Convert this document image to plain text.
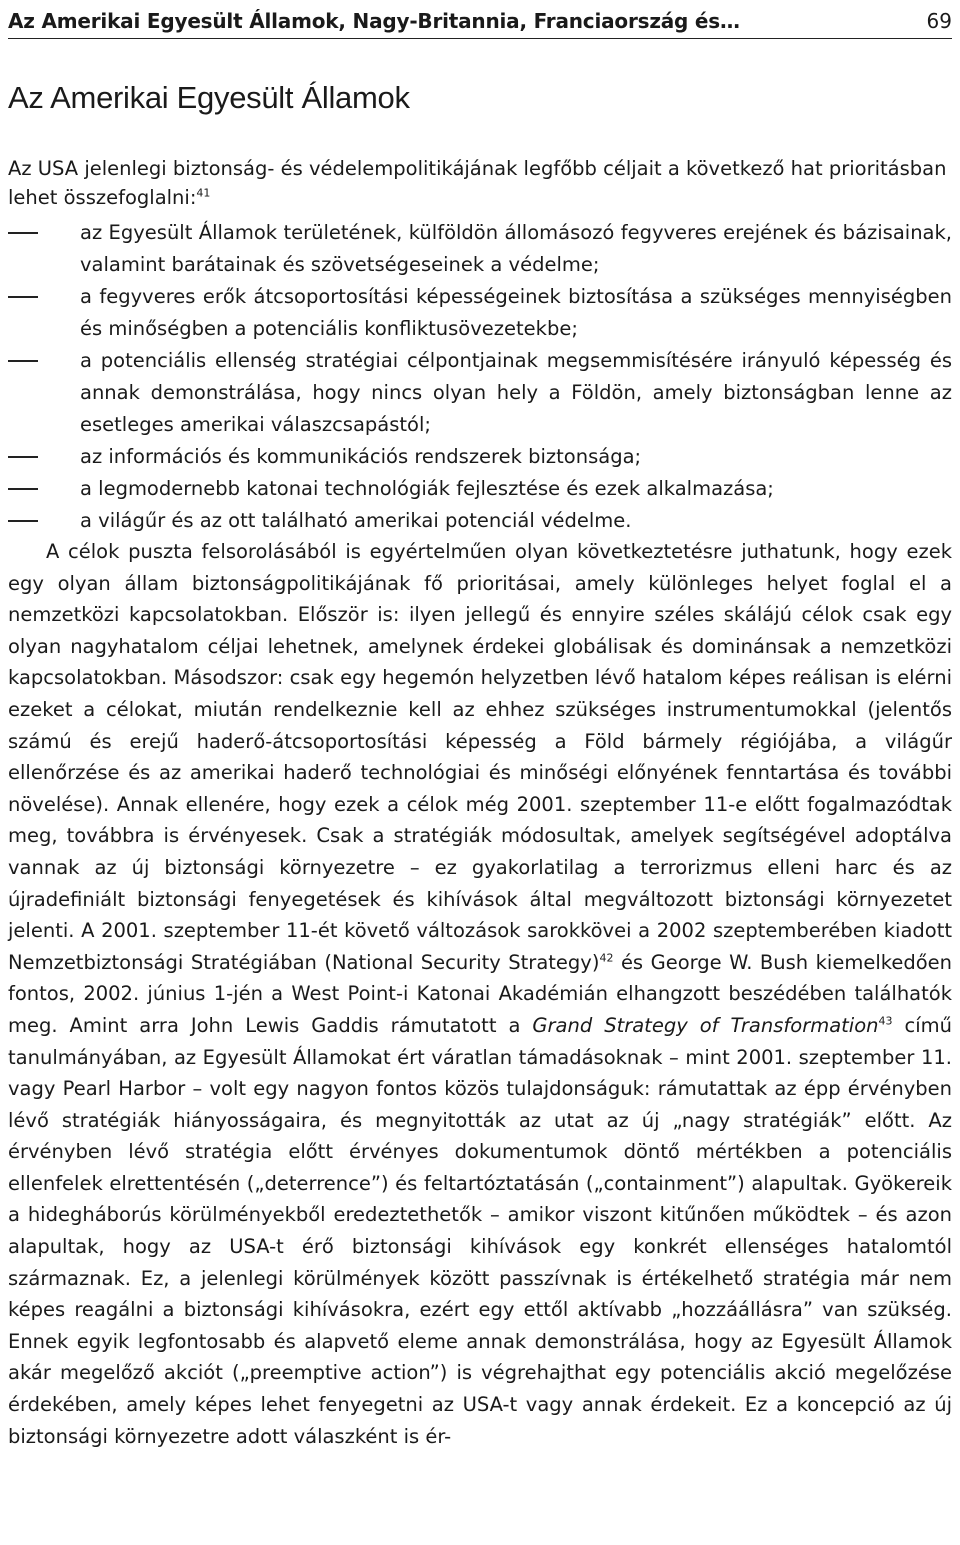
Az Amerikai Egyesült Államok, Nagy-Britannia, Franciaország és…	69
Az Amerikai Egyesült Államok

Az USA jelenlegi biztonság- és védelempolitikájának legfőbb céljait a következő hat prioritásban lehet összefoglalni:$^{41}$

az Egyesült Államok területének, külföldön állomásozó fegyveres erejének és bázisainak, valamint barátainak és szövetségeseinek a védelme;
a fegyveres erők átcsoportosítási képességeinek biztosítása a szükséges mennyiségben és minőségben a potenciális konfliktusövezetekbe;
a potenciális ellenség stratégiai célpontjainak megsemmisítésére irányuló képesség és annak demonstrálása, hogy nincs olyan hely a Földön, amely biztonságban lenne az esetleges amerikai válaszcsapástól;
az információs és kommunikációs rendszerek biztonsága;
a legmodernebb katonai technológiák fejlesztése és ezek alkalmazása;
a világűr és az ott található amerikai potenciál védelme.

A célok puszta felsorolásából is egyértelműen olyan következtetésre juthatunk, hogy ezek egy olyan állam biztonságpolitikájának fő prioritásai, amely különleges helyet foglal el a nemzetközi kapcsolatokban. Először is: ilyen jellegű és ennyire széles skálájú célok csak egy olyan nagyhatalom céljai lehetnek, amelynek érdekei globálisak és dominánsak a nemzetközi kapcsolatokban. Másodszor: csak egy hegemón helyzetben lévő hatalom képes reálisan is elérni ezeket a célokat, miután rendelkeznie kell az ehhez szükséges instrumentumokkal (jelentős számú és erejű haderő-átcsoportosítási képesség a Föld bármely régiójába, a világűr ellenőrzése és az amerikai haderő technológiai és minőségi előnyének fenntartása és további növelése). Annak ellenére, hogy ezek a célok még 2001. szeptember 11-e előtt fogalmazódtak meg, továbbra is érvényesek. Csak a stratégiák módosultak, amelyek segítségével adoptálva vannak az új biztonsági környezetre – ez gyakorlatilag a terrorizmus elleni harc és az újradefiniált biztonsági fenyegetések és kihívások által megváltozott biztonsági környezetet jelenti. A 2001. szeptember 11-ét követő változások sarokkövei a 2002 szeptemberében kiadott Nemzetbiztonsági Stratégiában (National Security Strategy)$^{42}$ és George W. Bush kiemelkedően fontos, 2002. június 1-jén a West Point-i Katonai Akadémián elhangzott beszédében találhatók meg. Amint arra John Lewis Gaddis rámutatott a Grand Strategy of Transformation$^{43}$ című tanulmányában, az Egyesült Államokat ért váratlan támadásoknak – mint 2001. szeptember 11. vagy Pearl Harbor – volt egy nagyon fontos közös tulajdonságuk: rámutattak az épp érvényben lévő stratégiák hiányosságaira, és megnyitották az utat az új „nagy stratégiák” előtt. Az érvényben lévő stratégia előtt érvényes dokumentumok döntő mértékben a potenciális ellenfelek elrettentésén („deterrence”) és feltartóztatásán („containment”) alapultak. Gyökereik a hidegháborús körülményekből eredeztethetők – amikor viszont kitűnően működtek – és azon alapultak, hogy az USA-t érő biztonsági kihívások egy konkrét ellenséges hatalomtól származnak. Ez, a jelenlegi körülmények között passzívnak is értékelhető stratégia már nem képes reagálni a biztonsági kihívásokra, ezért egy ettől aktívabb „hozzáállásra” van szükség. Ennek egyik legfontosabb és alapvető eleme annak demonstrálása, hogy az Egyesült Államok akár megelőző akciót („preemptive action”) is végrehajthat egy potenciális akció megelőzése érdekében, amely képes lehet fenyegetni az USA-t vagy annak érdekeit. Ez a koncepció az új biztonsági környezetre adott válaszként is ér-
